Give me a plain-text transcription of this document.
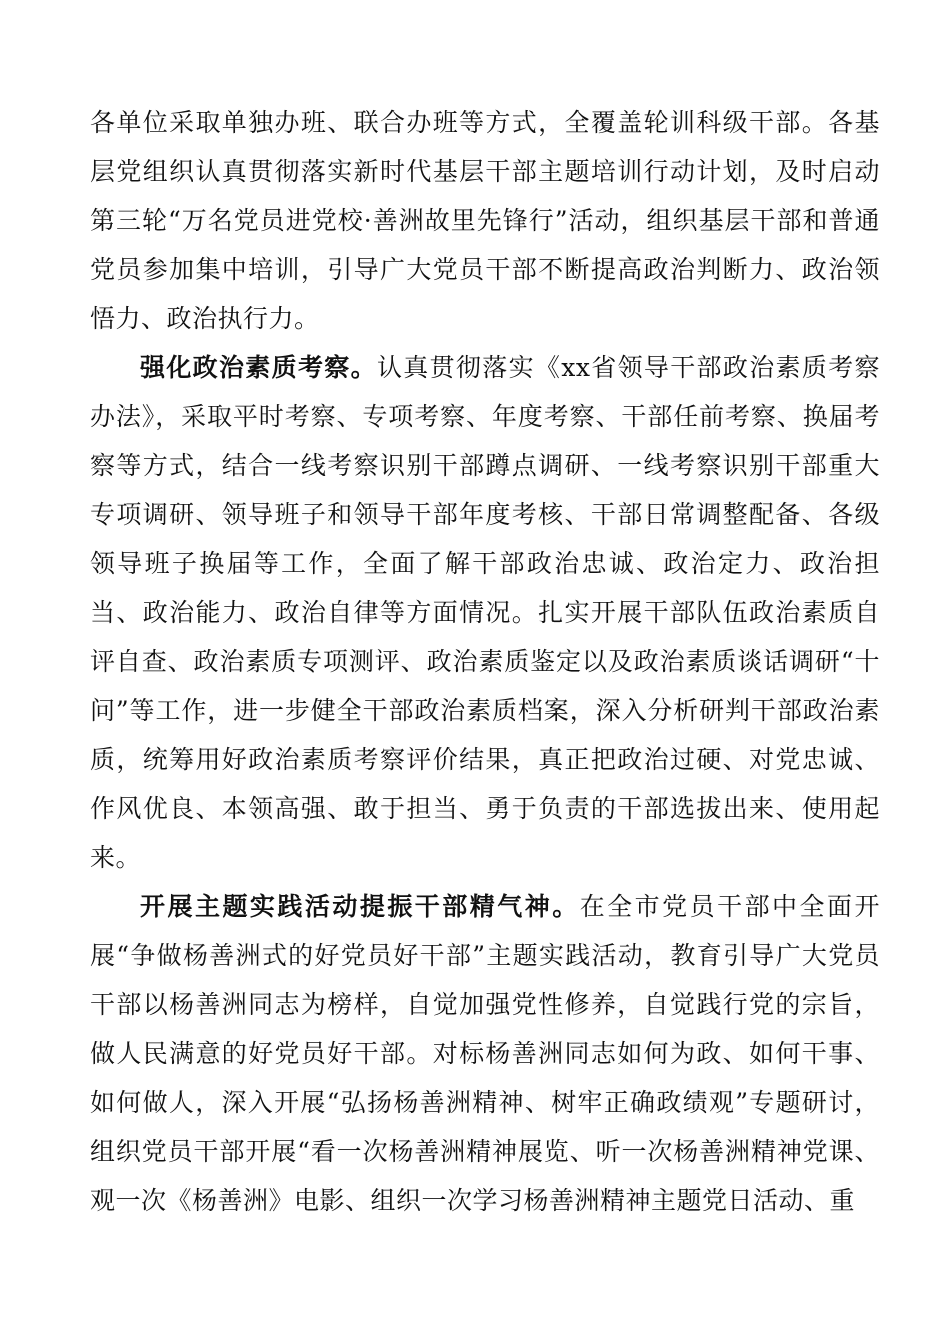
各单位采取单独办班、联合办班等方式，全覆盖轮训科级干部。各基层党组织认真贯彻落实新时代基层干部主题培训行动计划，及时启动第三轮“万名党员进党校·善洲故里先锋行”活动，组织基层干部和普通党员参加集中培训，引导广大党员干部不断提高政治判断力、政治领悟力、政治执行力。

强化政治素质考察。认真贯彻落实《xx省领导干部政治素质考察办法》，采取平时考察、专项考察、年度考察、干部任前考察、换届考察等方式，结合一线考察识别干部蹲点调研、一线考察识别干部重大专项调研、领导班子和领导干部年度考核、干部日常调整配备、各级领导班子换届等工作，全面了解干部政治忠诚、政治定力、政治担当、政治能力、政治自律等方面情况。扎实开展干部队伍政治素质自评自查、政治素质专项测评、政治素质鉴定以及政治素质谈话调研“十问”等工作，进一步健全干部政治素质档案，深入分析研判干部政治素质，统筹用好政治素质考察评价结果，真正把政治过硬、对党忠诚、作风优良、本领高强、敢于担当、勇于负责的干部选拔出来、使用起来。

开展主题实践活动提振干部精气神。在全市党员干部中全面开展“争做杨善洲式的好党员好干部”主题实践活动，教育引导广大党员干部以杨善洲同志为榜样，自觉加强党性修养，自觉践行党的宗旨，做人民满意的好党员好干部。对标杨善洲同志如何为政、如何干事、如何做人，深入开展“弘扬杨善洲精神、树牢正确政绩观”专题研讨，组织党员干部开展“看一次杨善洲精神展览、听一次杨善洲精神党课、观一次《杨善洲》电影、组织一次学习杨善洲精神主题党日活动、重
